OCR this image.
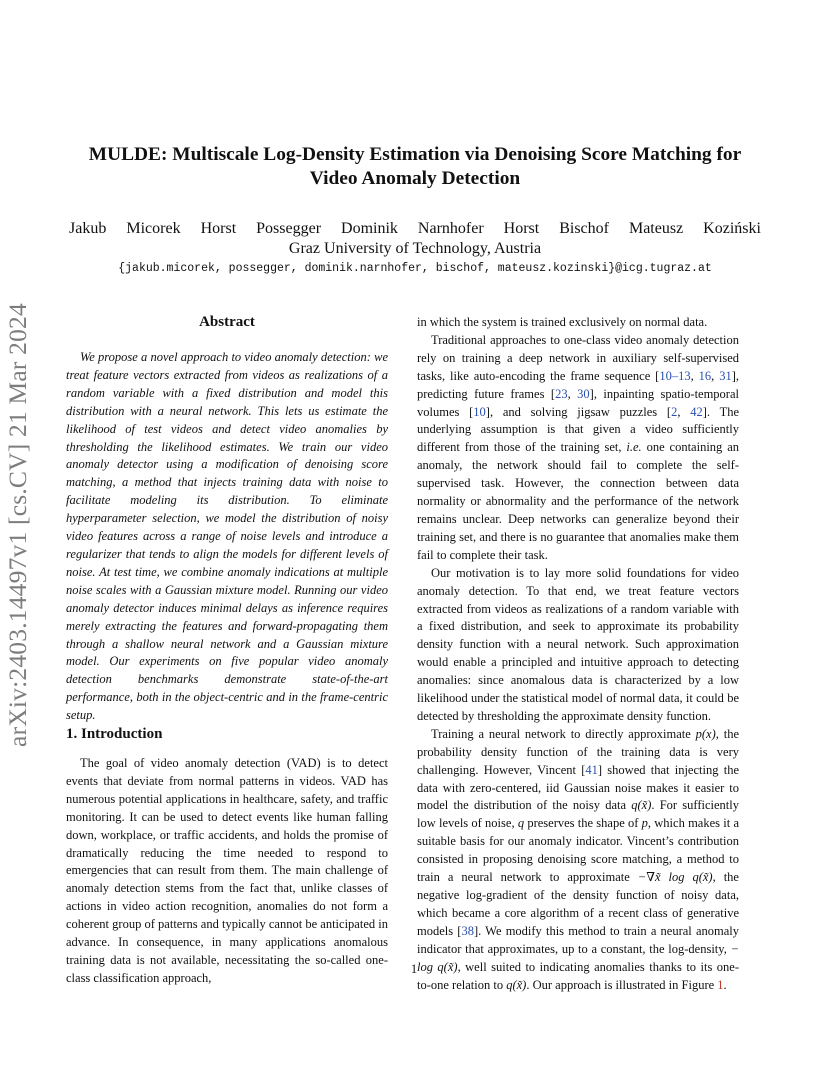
arXiv:2403.14497v1 [cs.CV] 21 Mar 2024
MULDE: Multiscale Log-Density Estimation via Denoising Score Matching for
Video Anomaly Detection
Jakub Micorek Horst Possegger Dominik Narnhofer Horst Bischof Mateusz Koziński
Graz University of Technology, Austria
{jakub.micorek, possegger, dominik.narnhofer, bischof, mateusz.kozinski}@icg.tugraz.at
Abstract
We propose a novel approach to video anomaly detection: we treat feature vectors extracted from videos as realizations of a random variable with a fixed distribution and model this distribution with a neural network. This lets us estimate the likelihood of test videos and detect video anomalies by thresholding the likelihood estimates. We train our video anomaly detector using a modification of denoising score matching, a method that injects training data with noise to facilitate modeling its distribution. To eliminate hyperparameter selection, we model the distribution of noisy video features across a range of noise levels and introduce a regularizer that tends to align the models for different levels of noise. At test time, we combine anomaly indications at multiple noise scales with a Gaussian mixture model. Running our video anomaly detector induces minimal delays as inference requires merely extracting the features and forward-propagating them through a shallow neural network and a Gaussian mixture model. Our experiments on five popular video anomaly detection benchmarks demonstrate state-of-the-art performance, both in the object-centric and in the frame-centric setup.
1. Introduction
The goal of video anomaly detection (VAD) is to detect events that deviate from normal patterns in videos. VAD has numerous potential applications in healthcare, safety, and traffic monitoring. It can be used to detect events like human falling down, workplace, or traffic accidents, and holds the promise of dramatically reducing the time needed to respond to emergencies that can result from them. The main challenge of anomaly detection stems from the fact that, unlike classes of actions in video action recognition, anomalies do not form a coherent group of patterns and typically cannot be anticipated in advance. In consequence, in many applications anomalous training data is not available, necessitating the so-called one-class classification approach,

in which the system is trained exclusively on normal data.

Traditional approaches to one-class video anomaly detection rely on training a deep network in auxiliary self-supervised tasks, like auto-encoding the frame sequence [10–13, 16, 31], predicting future frames [23, 30], inpainting spatio-temporal volumes [10], and solving jigsaw puzzles [2, 42]. The underlying assumption is that given a video sufficiently different from those of the training set, i.e. one containing an anomaly, the network should fail to complete the self-supervised task. However, the connection between data normality or abnormality and the performance of the network remains unclear. Deep networks can generalize beyond their training set, and there is no guarantee that anomalies make them fail to complete their task.

Our motivation is to lay more solid foundations for video anomaly detection. To that end, we treat feature vectors extracted from videos as realizations of a random variable with a fixed distribution, and seek to approximate its probability density function with a neural network. Such approximation would enable a principled and intuitive approach to detecting anomalies: since anomalous data is characterized by a low likelihood under the statistical model of normal data, it could be detected by thresholding the approximate density function.

Training a neural network to directly approximate p(x), the probability density function of the training data is very challenging. However, Vincent [41] showed that injecting the data with zero-centered, iid Gaussian noise makes it easier to model the distribution of the noisy data q(x̃). For sufficiently low levels of noise, q preserves the shape of p, which makes it a suitable basis for our anomaly indicator. Vincent’s contribution consisted in proposing denoising score matching, a method to train a neural network to approximate −∇x̃ log q(x̃), the negative log-gradient of the density function of noisy data, which became a core algorithm of a recent class of generative models [38]. We modify this method to train a neural anomaly indicator that approximates, up to a constant, the log-density, − log q(x̃), well suited to indicating anomalies thanks to its one-to-one relation to q(x̃). Our approach is illustrated in Figure 1.

1
